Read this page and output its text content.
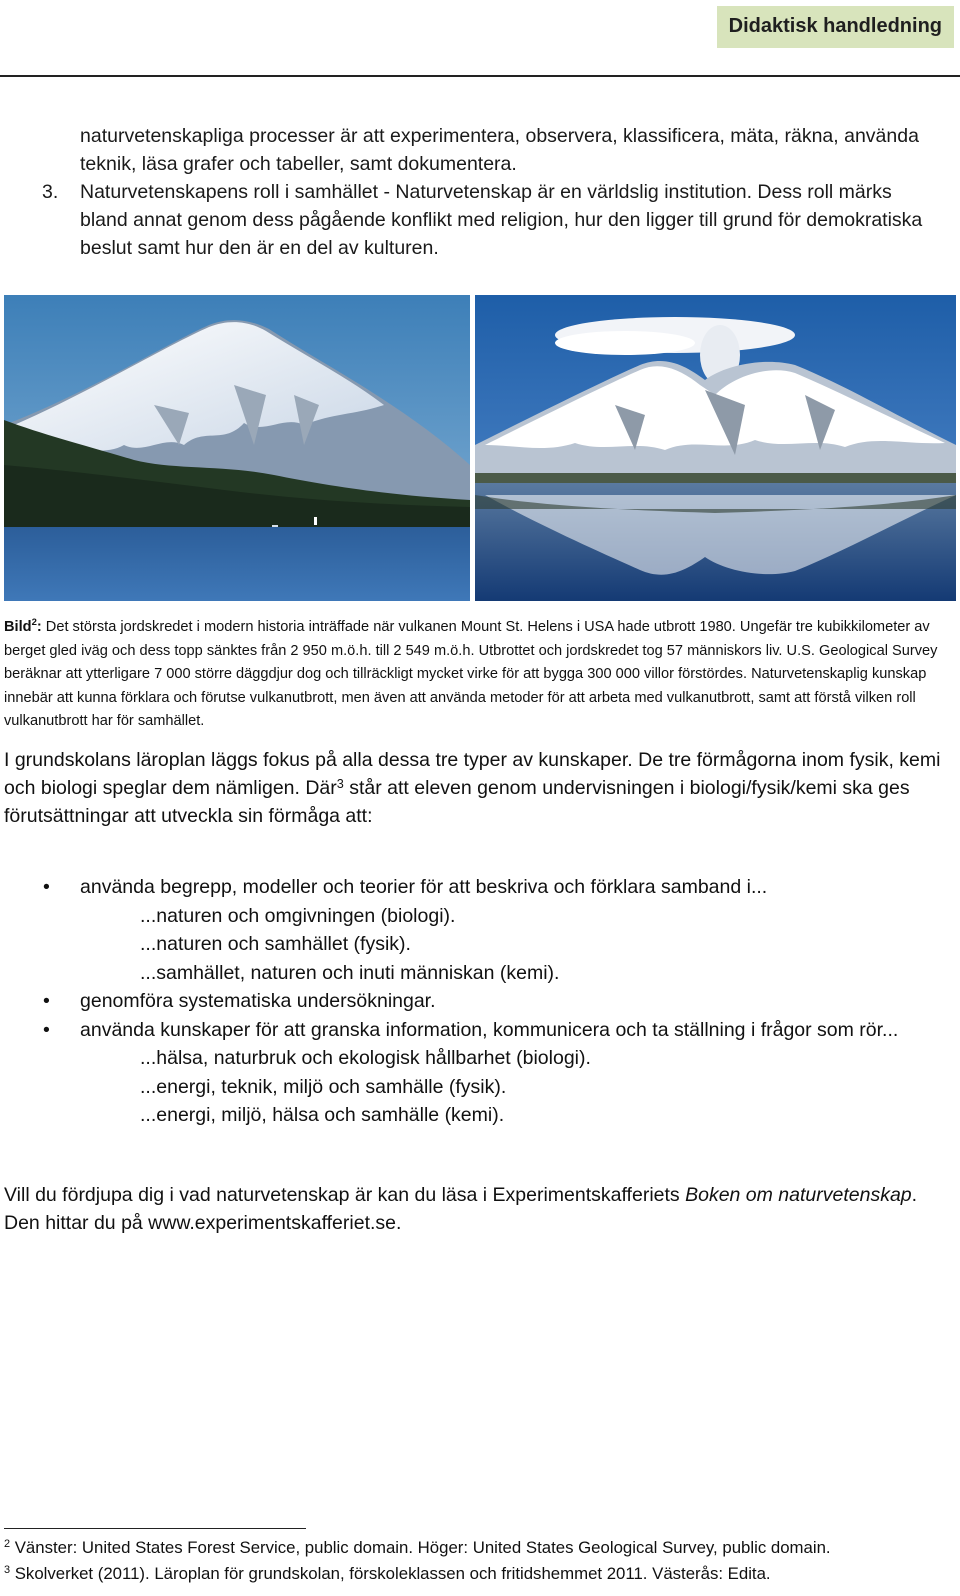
Didaktisk handledning
naturvetenskapliga processer är att experimentera, observera, klassificera, mäta, räkna, använda teknik, läsa grafer och tabeller, samt dokumentera.
3. Naturvetenskapens roll i samhället - Naturvetenskap är en världslig institution. Dess roll märks bland annat genom dess pågående konflikt med religion, hur den ligger till grund för demokratiska beslut samt hur den är en del av kulturen.
Bild$^2$: Det största jordskredet i modern historia inträffade när vulkanen Mount St. Helens i USA hade utbrott 1980. Ungefär tre kubikkilometer av berget gled iväg och dess topp sänktes från 2 950 m.ö.h. till 2 549 m.ö.h. Utbrottet och jordskredet tog 57 människors liv. U.S. Geological Survey beräknar att ytterligare 7 000 större däggdjur dog och tillräckligt mycket virke för att bygga 300 000 villor förstördes. Naturvetenskaplig kunskap innebär att kunna förklara och förutse vulkanutbrott, men även att använda metoder för att arbeta med vulkanutbrott, samt att förstå vilken roll vulkanutbrott har för samhället.
I grundskolans läroplan läggs fokus på alla dessa tre typer av kunskaper. De tre förmågorna inom fysik, kemi och biologi speglar dem nämligen. Där$^3$ står att eleven genom undervisningen i biologi/fysik/kemi ska ges förutsättningar att utveckla sin förmåga att:
• använda begrepp, modeller och teorier för att beskriva och förklara samband i...
...naturen och omgivningen (biologi).
...naturen och samhället (fysik).
...samhället, naturen och inuti människan (kemi).
• genomföra systematiska undersökningar.
• använda kunskaper för att granska information, kommunicera och ta ställning i frågor som rör...
...hälsa, naturbruk och ekologisk hållbarhet (biologi).
...energi, teknik, miljö och samhälle (fysik).
...energi, miljö, hälsa och samhälle (kemi).
Vill du fördjupa dig i vad naturvetenskap är kan du läsa i Experimentskafferiets Boken om naturvetenskap. Den hittar du på www.experimentskafferiet.se.
$^2$ Vänster: United States Forest Service, public domain. Höger: United States Geological Survey, public domain.
$^3$ Skolverket (2011). Läroplan för grundskolan, förskoleklassen och fritidshemmet 2011. Västerås: Edita.
